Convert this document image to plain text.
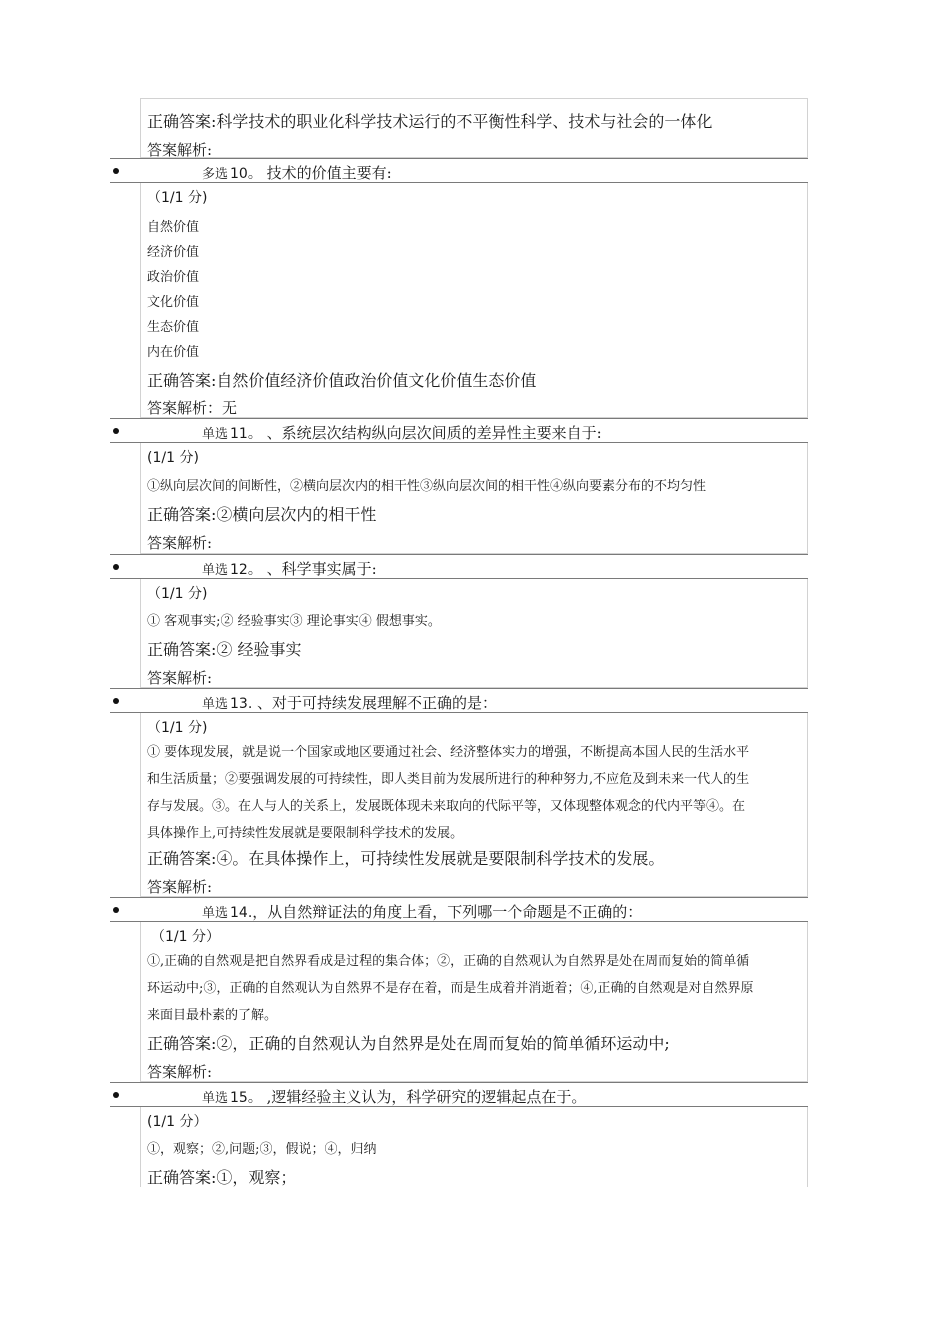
正确答案:科学技术的职业化科学技术运行的不平衡性科学、技术与社会的一体化
答案解析:
多选 10。 技术的价值主要有:
（1/1 分)
自然价值
经济价值
政治价值
文化价值
生态价值
内在价值
正确答案:自然价值经济价值政治价值文化价值生态价值
答案解析：无
单选 11。 、系统层次结构纵向层次间质的差异性主要来自于:
(1/1 分)
①纵向层次间的间断性，②横向层次内的相干性③纵向层次间的相干性④纵向要素分布的不均匀性
正确答案:②横向层次内的相干性
答案解析:
单选 12。 、科学事实属于:
（1/1 分)
① 客观事实;② 经验事实③ 理论事实④ 假想事实。
正确答案:② 经验事实
答案解析:
单选 13. 、对于可持续发展理解不正确的是：
（1/1 分)
① 要体现发展，就是说一个国家或地区要通过社会、经济整体实力的增强，不断提高本国人民的生活水平
和生活质量；②要强调发展的可持续性，即人类目前为发展所进行的种种努力,不应危及到未来一代人的生
存与发展。③。在人与人的关系上，发展既体现未来取向的代际平等，又体现整体观念的代内平等④。在
具体操作上,可持续性发展就是要限制科学技术的发展。
正确答案:④。在具体操作上，可持续性发展就是要限制科学技术的发展。
答案解析:
单选 14.，从自然辩证法的角度上看，下列哪一个命题是不正确的：
（1/1 分）
①,正确的自然观是把自然界看成是过程的集合体；②，正确的自然观认为自然界是处在周而复始的简单循
环运动中;③，正确的自然观认为自然界不是存在着，而是生成着并消逝着；④,正确的自然观是对自然界原
来面目最朴素的了解。
正确答案:②，正确的自然观认为自然界是处在周而复始的简单循环运动中;
答案解析:
单选 15。 ,逻辑经验主义认为，科学研究的逻辑起点在于。
(1/1 分）
①，观察；②,问题;③，假说；④，归纳
正确答案:①，观察；
